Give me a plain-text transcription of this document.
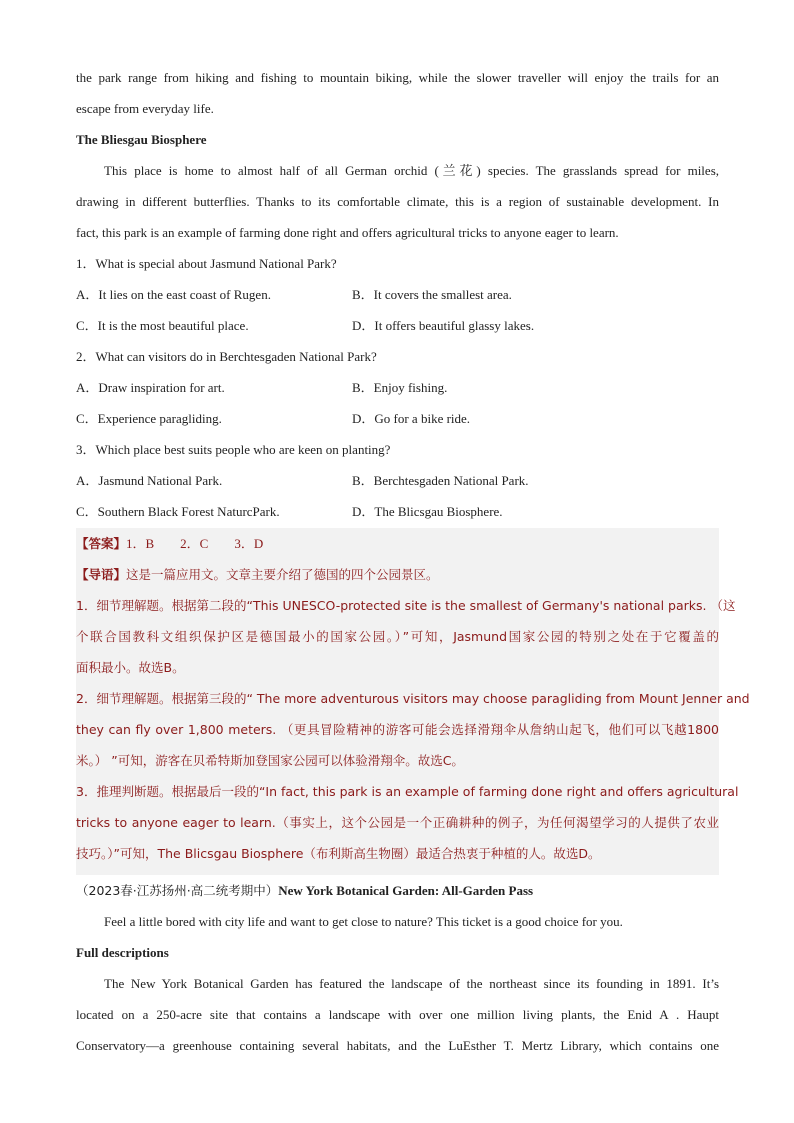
the park range from hiking and fishing to mountain biking, while the slower traveller will enjoy the trails for an
escape from everyday life.
The Bliesgau Biosphere
This place is home to almost half of all German orchid (兰花) species. The grasslands spread for miles,
drawing in different butterflies. Thanks to its comfortable climate, this is a region of sustainable development. In
fact, this park is an example of farming done right and offers agricultural tricks to anyone eager to learn.
1．What is special about Jasmund National Park?
A．It lies on the east coast of Rugen.	B．It covers the smallest area.
C．It is the most beautiful place.	D．It offers beautiful glassy lakes.
2．What can visitors do in Berchtesgaden National Park?
A．Draw inspiration for art.	B．Enjoy fishing.
C．Experience paragliding.	D．Go for a bike ride.
3．Which place best suits people who are keen on planting?
A．Jasmund National Park.	B．Berchtesgaden National Park.
C．Southern Black Forest NaturcPark.	D．The Blicsgau Biosphere.
【答案】1．B　　2．C　　3．D
【导语】这是一篇应用文。文章主要介绍了德国的四个公园景区。
1．细节理解题。根据第二段的“This UNESCO-protected site is the smallest of Germany's national parks. （这
个联合国教科文组织保护区是德国最小的国家公园。）”可知，Jasmund国家公园的特别之处在于它覆盖的
面积最小。故选B。
2．细节理解题。根据第三段的“ The more adventurous visitors may choose paragliding from Mount Jenner and
they can fly over 1,800 meters. （更具冒险精神的游客可能会选择滑翔伞从詹纳山起飞，他们可以飞越1800
米。） ”可知，游客在贝希特斯加登国家公园可以体验滑翔伞。故选C。
3．推理判断题。根据最后一段的“In fact, this park is an example of farming done right and offers agricultural
tricks to anyone eager to learn.（事实上，这个公园是一个正确耕种的例子，为任何渴望学习的人提供了农业
技巧。）”可知，The Blicsgau Biosphere（布利斯高生物圈）最适合热衷于种植的人。故选D。
（2023春·江苏扬州·高二统考期中）New York Botanical Garden: All-Garden Pass
Feel a little bored with city life and want to get close to nature? This ticket is a good choice for you.
Full descriptions
The New York Botanical Garden has featured the landscape of the northeast since its founding in 1891. It’s
located on a 250-acre site that contains a landscape with over one million living plants, the Enid A . Haupt
Conservatory—a greenhouse containing several habitats, and the LuEsther T. Mertz Library, which contains one
